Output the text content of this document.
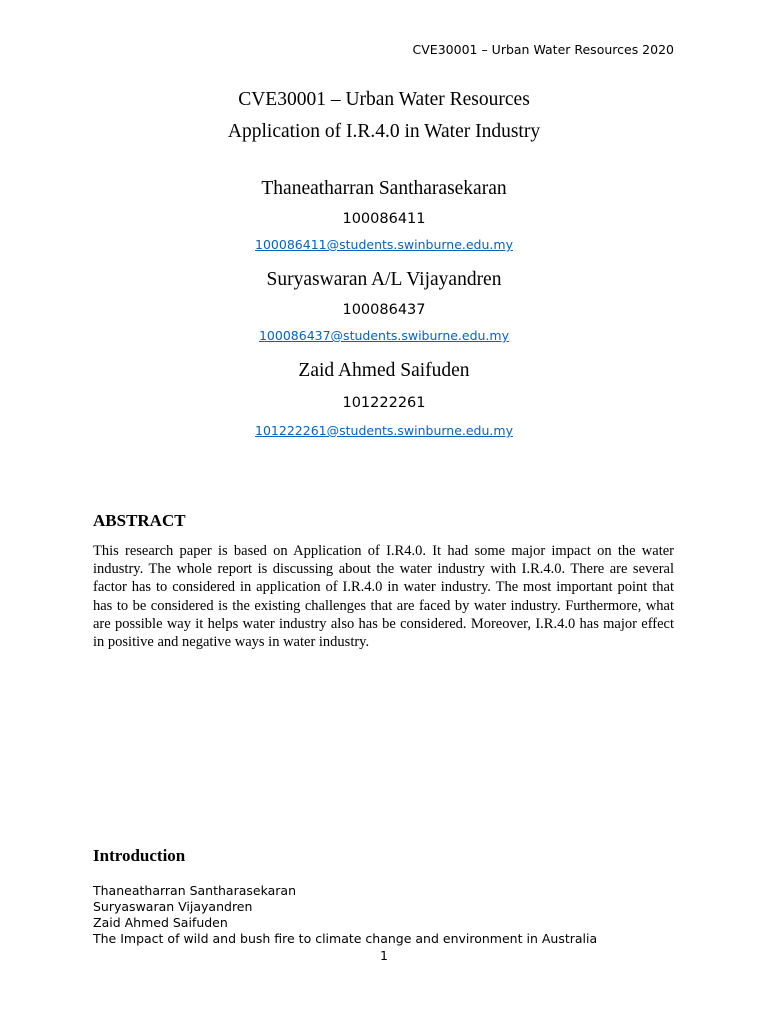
CVE30001 – Urban Water Resources 2020
CVE30001 – Urban Water Resources
Application of I.R.4.0 in Water Industry
Thaneatharran Santharasekaran
100086411
100086411@students.swinburne.edu.my
Suryaswaran A/L Vijayandren
100086437
100086437@students.swiburne.edu.my
Zaid Ahmed Saifuden
101222261
101222261@students.swinburne.edu.my
ABSTRACT
This research paper is based on Application of I.R4.0. It had some major impact on the water industry. The whole report is discussing about the water industry with I.R.4.0. There are several factor has to considered in application of I.R.4.0 in water industry. The most important point that has to be considered is the existing challenges that are faced by water industry. Furthermore, what are possible way it helps water industry also has be considered. Moreover, I.R.4.0 has major effect in positive and negative ways in water industry.
Introduction
Thaneatharran Santharasekaran
Suryaswaran Vijayandren
Zaid Ahmed Saifuden
The Impact of wild and bush fire to climate change and environment in Australia
1
